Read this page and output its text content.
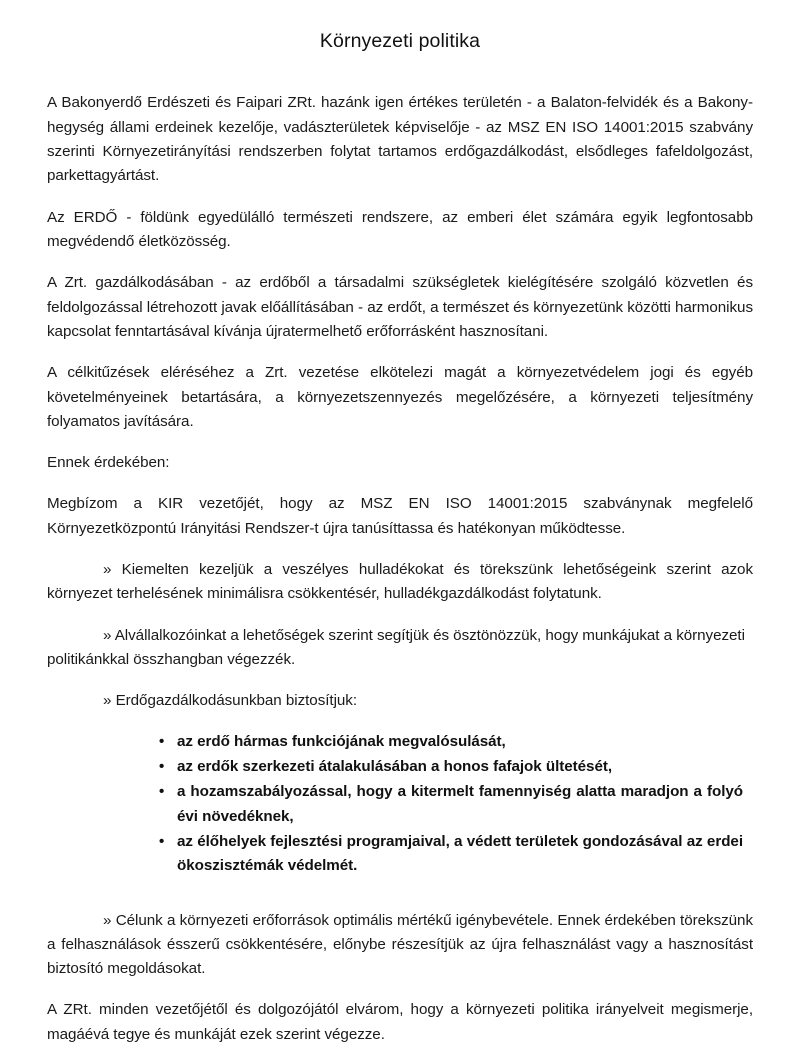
Környezeti politika

A Bakonyerdő Erdészeti és Faipari ZRt. hazánk igen értékes területén - a Balaton-felvidék és a Bakony-hegység állami erdeinek kezelője, vadászterületek képviselője - az MSZ EN ISO 14001:2015 szabvány szerinti Környezetirányítási rendszerben folytat tartamos erdőgazdálkodást, elsődleges fafeldolgozást, parkettagyártást.

Az ERDŐ - földünk egyedülálló természeti rendszere, az emberi élet számára egyik legfontosabb megvédendő életközösség.

A Zrt. gazdálkodásában - az erdőből a társadalmi szükségletek kielégítésére szolgáló közvetlen és feldolgozással létrehozott javak előállításában - az erdőt, a természet és környezetünk közötti harmonikus kapcsolat fenntartásával kívánja újratermelhető erőforrásként hasznosítani.

A célkitűzések eléréséhez a Zrt. vezetése elkötelezi magát a környezetvédelem jogi és egyéb követelményeinek betartására, a környezetszennyezés megelőzésére, a környezeti teljesítmény folyamatos javítására.

Ennek érdekében:

Megbízom a KIR vezetőjét, hogy az MSZ EN ISO 14001:2015 szabványnak megfelelő Környezetközpontú Irányitási Rendszer-t újra tanúsíttassa és hatékonyan működtesse.

» Kiemelten kezeljük a veszélyes hulladékokat és törekszünk lehetőségeink szerint azok környezet terhelésének minimálisra csökkentésér, hulladékgazdálkodást folytatunk.

» Alvállalkozóinkat a lehetőségek szerint segítjük és ösztönözzük, hogy munkájukat a környezeti politikánkkal összhangban végezzék.

» Erdőgazdálkodásunkban biztosítjuk:

• az erdő hármas funkciójának megvalósulását,
• az erdők szerkezeti átalakulásában a honos fafajok ültetését,
• a hozamszabályozással, hogy a kitermelt famennyiség alatta maradjon a folyó évi növedéknek,
• az élőhelyek fejlesztési programjaival, a védett területek gondozásával az erdei ökoszisztémák védelmét.

» Célunk a környezeti erőforrások optimális mértékű igénybevétele. Ennek érdekében törekszünk a felhasználások ésszerű csökkentésére, előnybe részesítjük az újra felhasználást vagy a hasznosítást biztosító megoldásokat.

A ZRt. minden vezetőjétől és dolgozójától elvárom, hogy a környezeti politika irányelveit megismerje, magáévá tegye és munkáját ezek szerint végezze.
